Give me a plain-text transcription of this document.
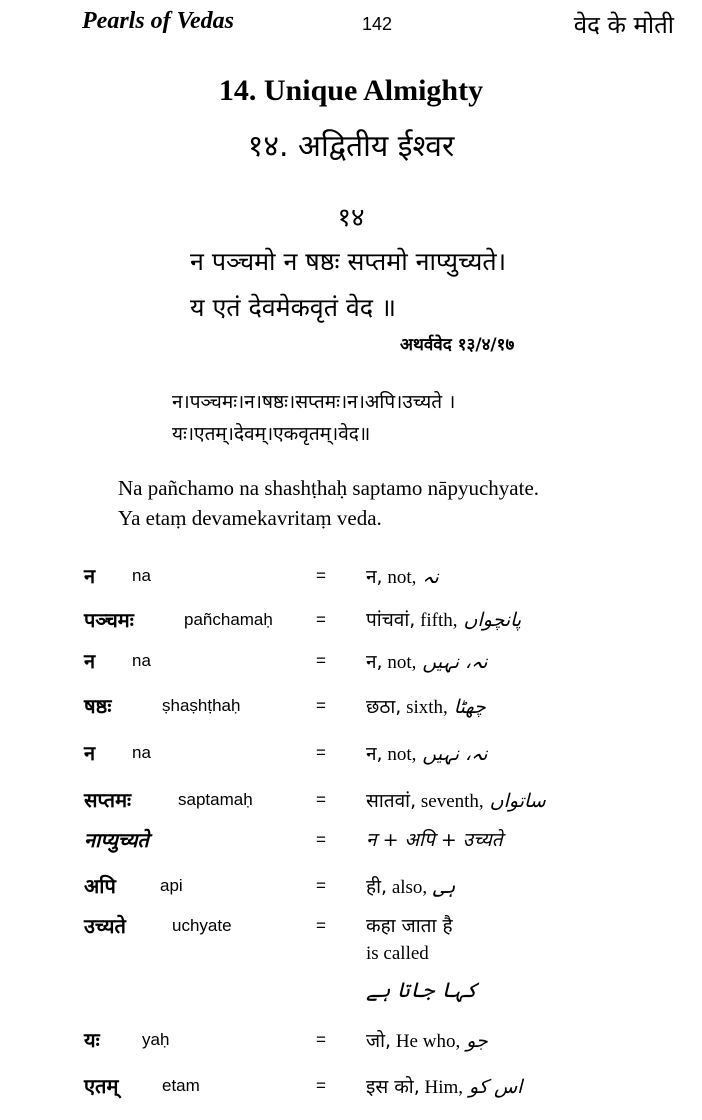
Pearls of Vedas	142	वेद के मोती
14. Unique Almighty
१४. अद्वितीय ईश्वर
१४
न पञ्चमो न षष्ठः सप्तमो नाप्युच्यते।
य एतं देवमेकवृतं वेद ॥
अथर्ववेद १३/४/१७
न।पञ्चमः।न।षष्ठः।सप्तमः।न।अपि।उच्यते ।
यः।एतम्।देवम्।एकवृतम्।वेद॥
Na pañchamo na shashṭhaḥ saptamo nāpyuchyate.
Ya etaṃ devamekavritaṃ veda.
न na	= न, not, نہ
पञ्चमः	pañchamaḥ	= पांचवां, fifth, پانچواں
न na	= न, not, نہ، نہیں
षष्ठः	ṣhaṣhṭhaḥ	= छठा, sixth, چھٹا
न na	= न, not, نہ، نہیں
सप्तमः	saptamaḥ	= सातवां, seventh, ساتواں
नाप्युच्यते	= न + अपि + उच्यते
अपि	api	= ही, also, ہی
उच्यते	uchyate	= कहा जाता है
is called
کہا جاتا ہے
यः yaḥ	= जो, He who, جو
एतम्	etam	= इस को, Him, اس کو
